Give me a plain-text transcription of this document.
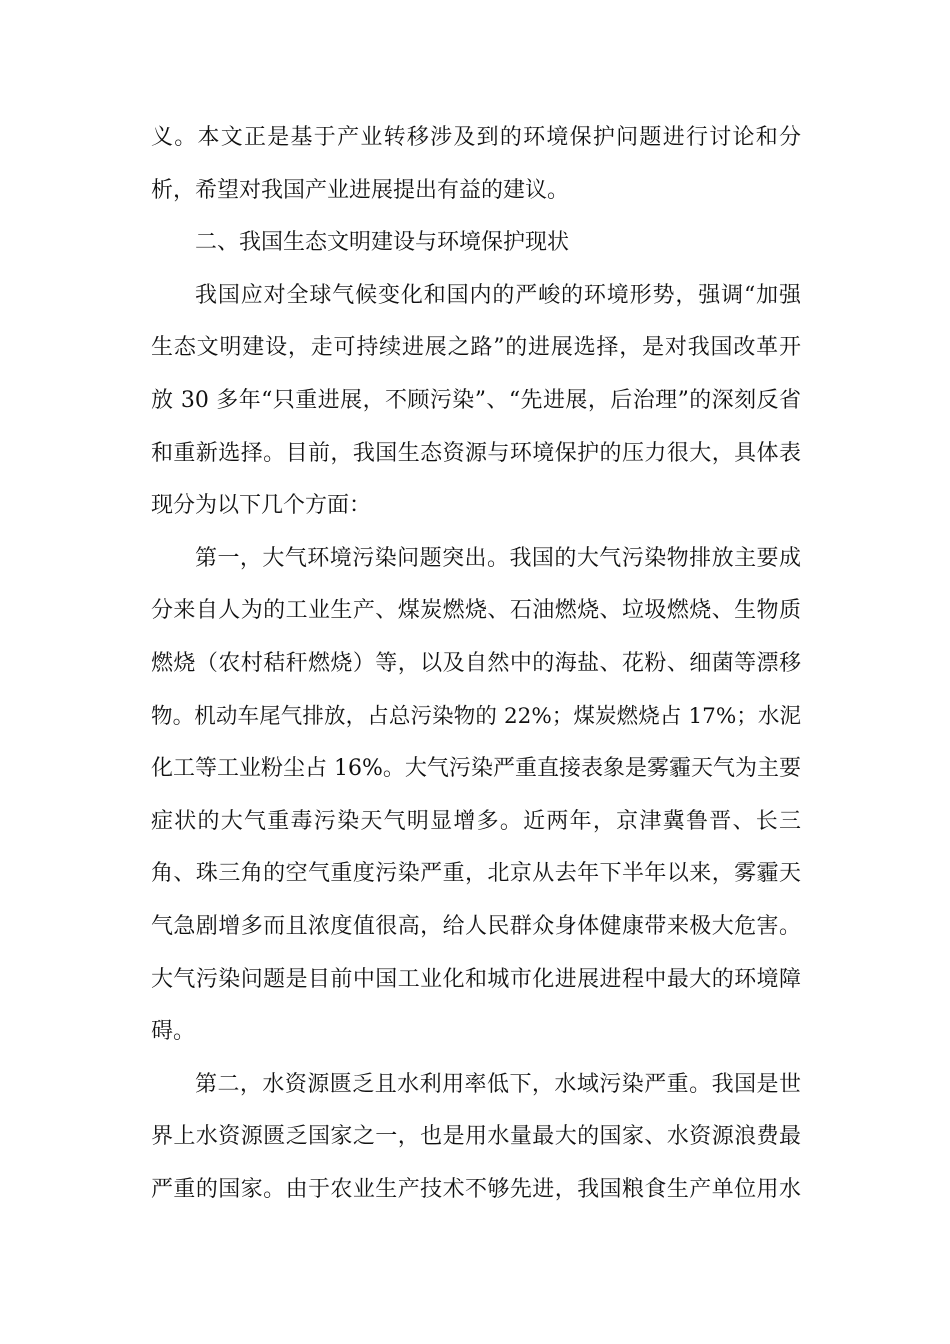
义。本文正是基于产业转移涉及到的环境保护问题进行讨论和分
析，希望对我国产业进展提出有益的建议。
二、我国生态文明建设与环境保护现状
我国应对全球气候变化和国内的严峻的环境形势，强调“加强
生态文明建设，走可持续进展之路”的进展选择，是对我国改革开
放 30 多年“只重进展，不顾污染”、“先进展，后治理”的深刻反省
和重新选择。目前，我国生态资源与环境保护的压力很大，具体表
现分为以下几个方面：
第一，大气环境污染问题突出。我国的大气污染物排放主要成
分来自人为的工业生产、煤炭燃烧、石油燃烧、垃圾燃烧、生物质
燃烧（农村秸秆燃烧）等，以及自然中的海盐、花粉、细菌等漂移
物。机动车尾气排放，占总污染物的 22%；煤炭燃烧占 17%；水泥
化工等工业粉尘占 16%。大气污染严重直接表象是雾霾天气为主要
症状的大气重毒污染天气明显增多。近两年，京津冀鲁晋、长三
角、珠三角的空气重度污染严重，北京从去年下半年以来，雾霾天
气急剧增多而且浓度值很高，给人民群众身体健康带来极大危害。
大气污染问题是目前中国工业化和城市化进展进程中最大的环境障
碍。
第二，水资源匮乏且水利用率低下，水域污染严重。我国是世
界上水资源匮乏国家之一，也是用水量最大的国家、水资源浪费最
严重的国家。由于农业生产技术不够先进，我国粮食生产单位用水
